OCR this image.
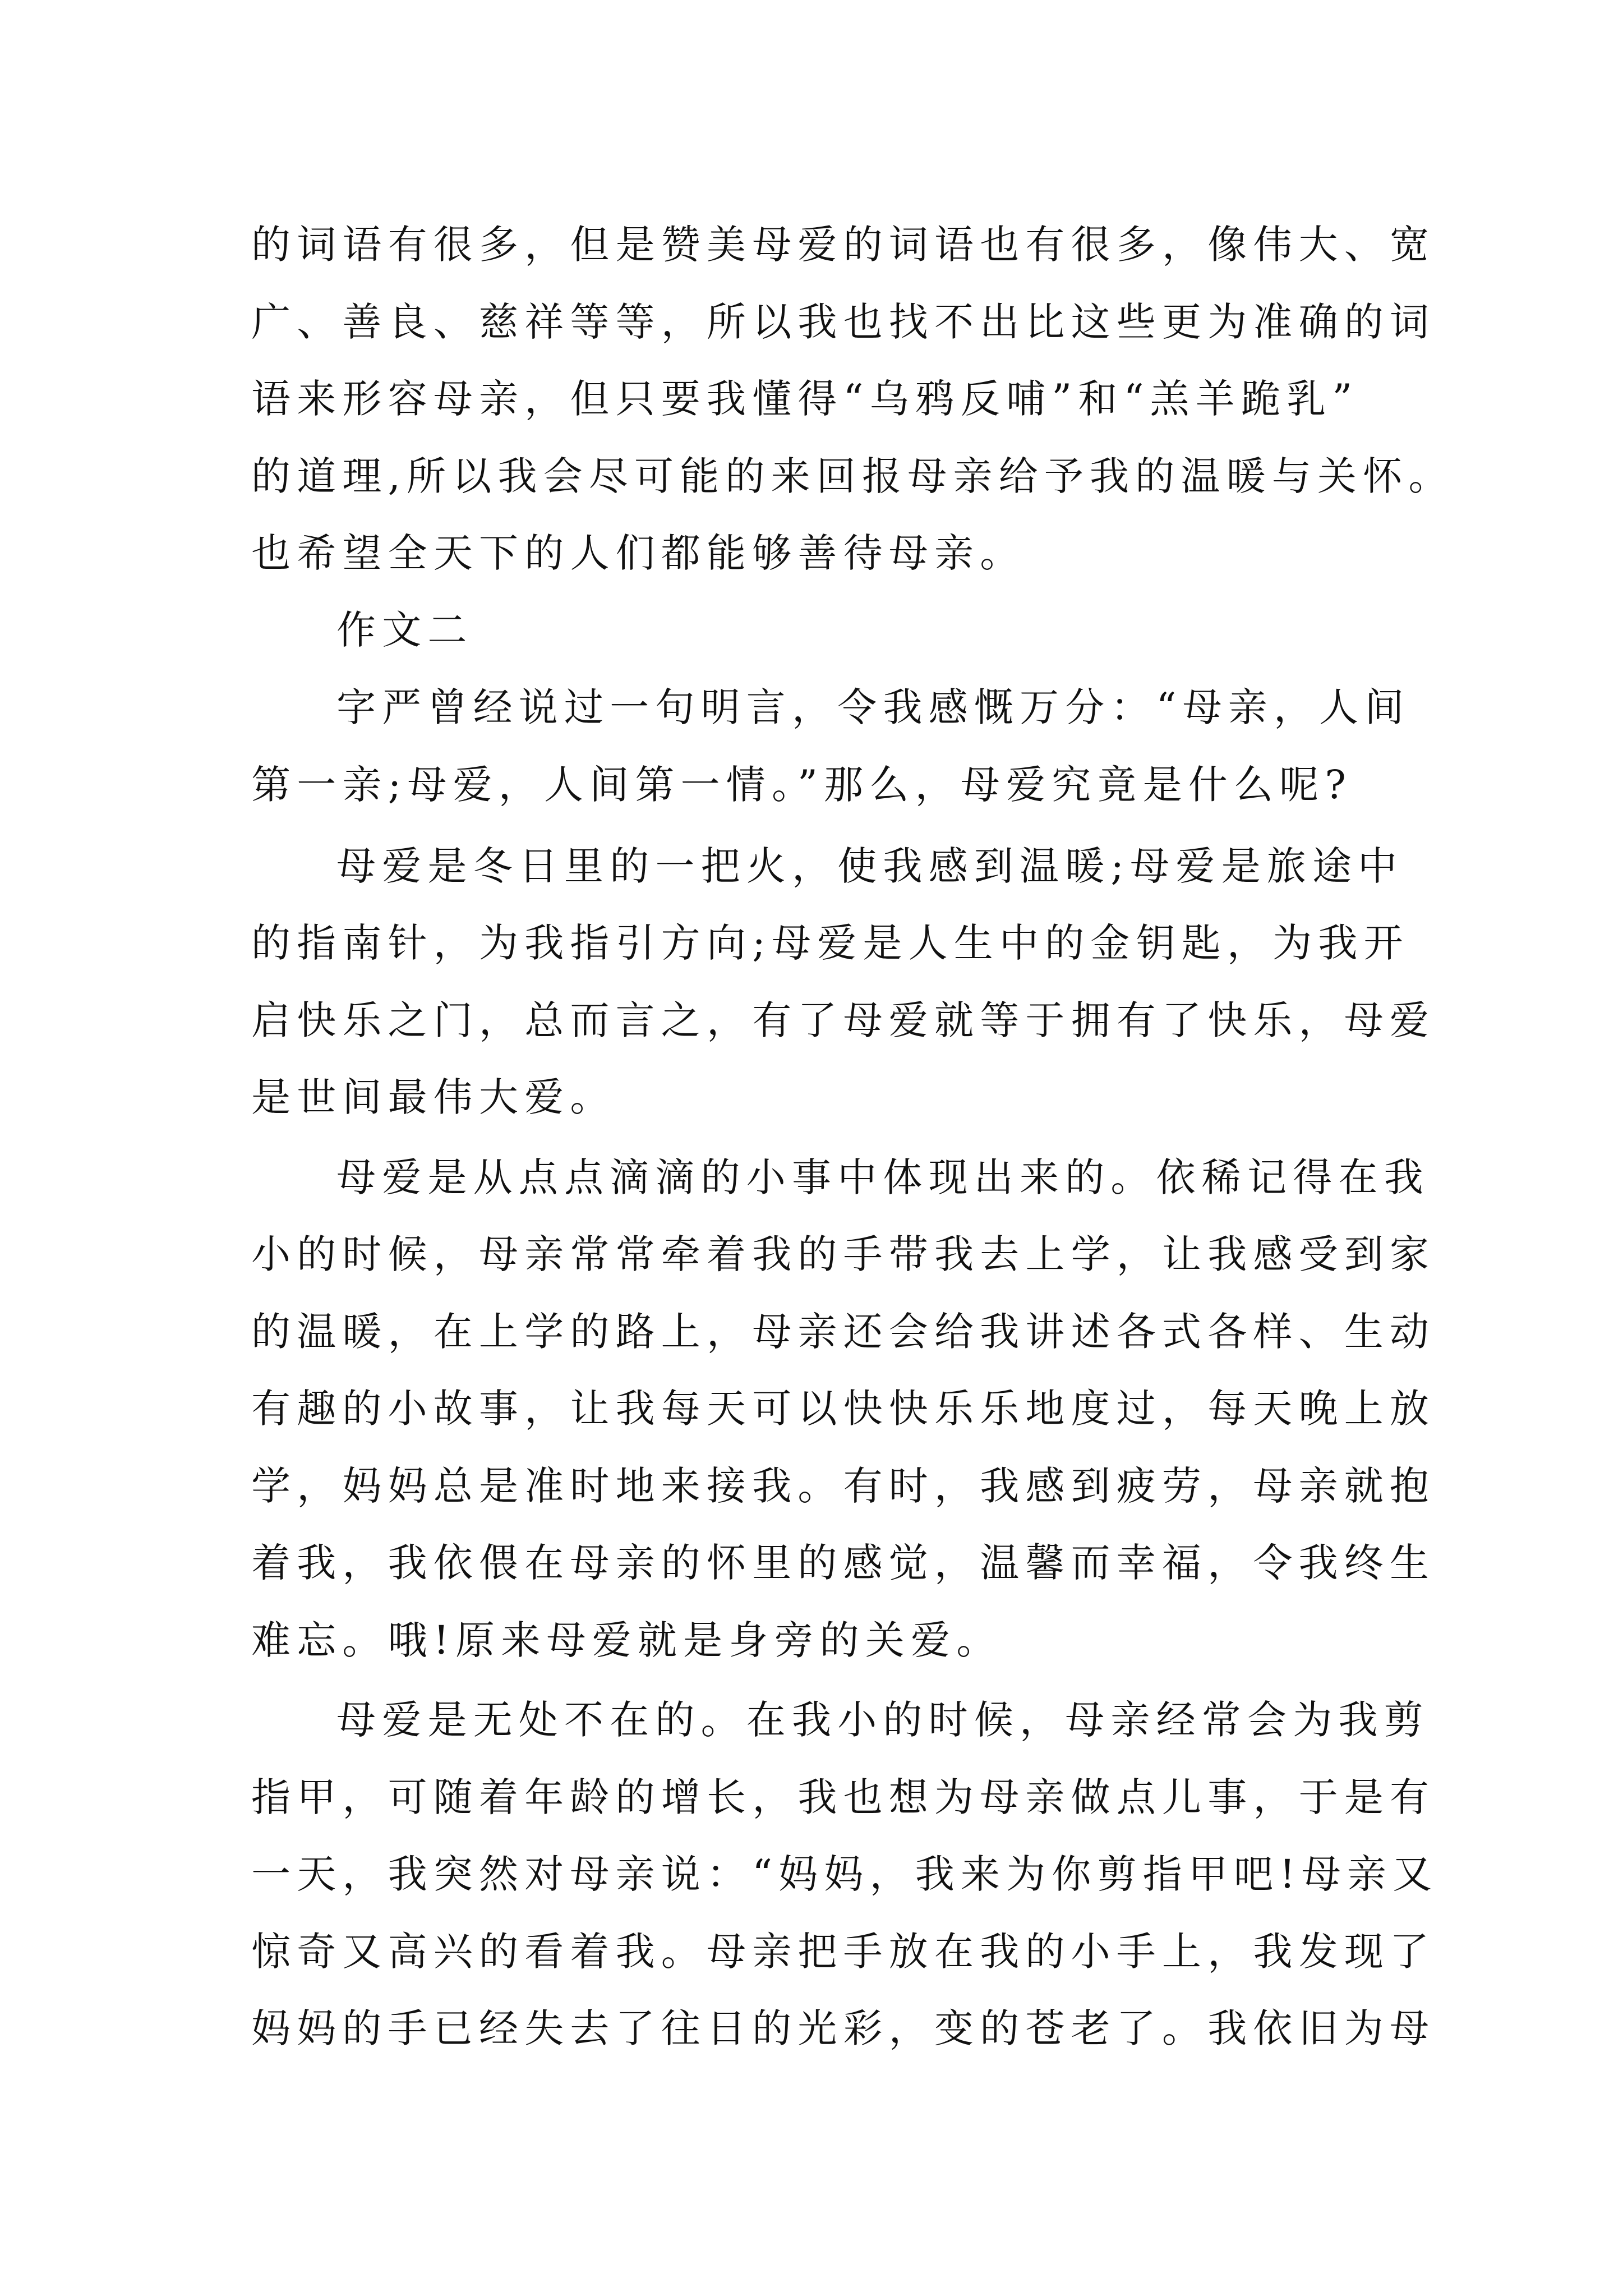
的词语有很多，但是赞美母爱的词语也有很多，像伟大、宽
广、善良、慈祥等等，所以我也找不出比这些更为准确的词
语来形容母亲，但只要我懂得“乌鸦反哺”和“羔羊跪乳”
的道理,所以我会尽可能的来回报母亲给予我的温暖与关怀。
也希望全天下的人们都能够善待母亲。
作文二
字严曾经说过一句明言，令我感慨万分：“母亲，人间
第一亲;母爱，人间第一情。”那么，母爱究竟是什么呢?
母爱是冬日里的一把火，使我感到温暖;母爱是旅途中
的指南针，为我指引方向;母爱是人生中的金钥匙，为我开
启快乐之门，总而言之，有了母爱就等于拥有了快乐，母爱
是世间最伟大爱。
母爱是从点点滴滴的小事中体现出来的。依稀记得在我
小的时候，母亲常常牵着我的手带我去上学，让我感受到家
的温暖，在上学的路上，母亲还会给我讲述各式各样、生动
有趣的小故事，让我每天可以快快乐乐地度过，每天晚上放
学，妈妈总是准时地来接我。有时，我感到疲劳，母亲就抱
着我，我依偎在母亲的怀里的感觉，温馨而幸福，令我终生
难忘。哦!原来母爱就是身旁的关爱。
母爱是无处不在的。在我小的时候，母亲经常会为我剪
指甲，可随着年龄的增长，我也想为母亲做点儿事，于是有
一天，我突然对母亲说：“妈妈，我来为你剪指甲吧!母亲又
惊奇又高兴的看着我。母亲把手放在我的小手上，我发现了
妈妈的手已经失去了往日的光彩，变的苍老了。我依旧为母
